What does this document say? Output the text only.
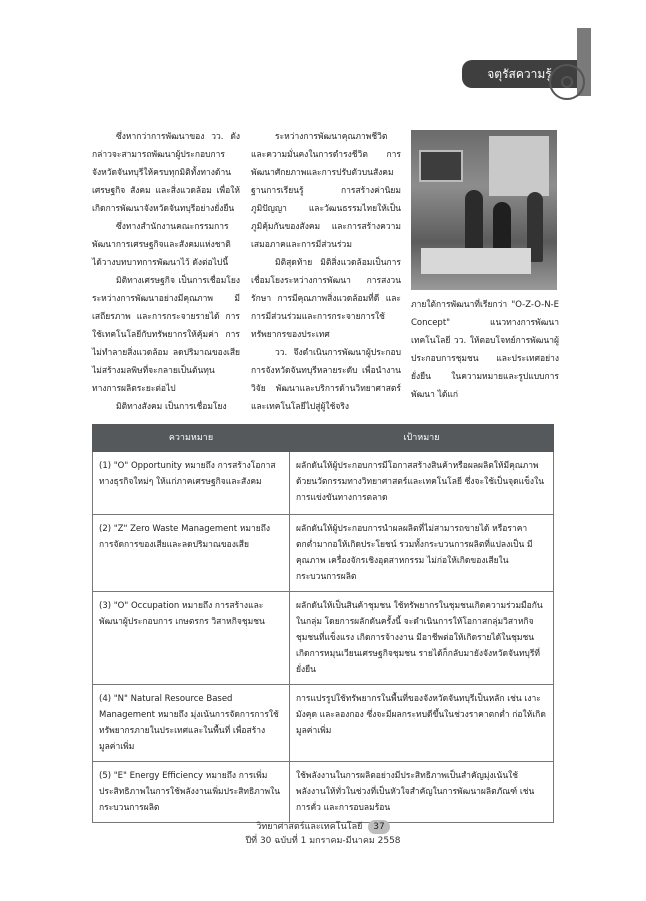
จตุรัสความรู้

ซึ่งหากว่าการพัฒนาของ วว. ดังกล่าวจะสามารถพัฒนาผู้ประกอบการจังหวัดจันทบุรีให้ครบทุกมิติทั้งทางด้านเศรษฐกิจ สังคม และสิ่งแวดล้อม เพื่อให้เกิดการพัฒนาจังหวัดจันทบุรีอย่างยั่งยืน

ซึ่งทางสำนักงานคณะกรรมการพัฒนาการเศรษฐกิจและสังคมแห่งชาติได้วางบทบาทการพัฒนาไว้ ดังต่อไปนี้

มิติทางเศรษฐกิจ เป็นการเชื่อมโยงระหว่างการพัฒนาอย่างมีคุณภาพ มีเสถียรภาพ และการกระจายรายได้ การใช้เทคโนโลยีกับทรัพยากรให้คุ้มค่า การไม่ทำลายสิ่งแวดล้อม ลดปริมาณของเสีย ไม่สร้างมลพิษที่จะกลายเป็นต้นทุนทางการผลิตระยะต่อไป

มิติทางสังคม เป็นการเชื่อมโยง

ระหว่างการพัฒนาคุณภาพชีวิตและความมั่นคงในการดำรงชีวิต การพัฒนาศักยภาพและการปรับตัวบนสังคมฐานการเรียนรู้ การสร้างค่านิยม ภูมิปัญญา และวัฒนธรรมไทยให้เป็นภูมิคุ้มกันของสังคม และการสร้างความเสมอภาคและการมีส่วนร่วม

มิติสุดท้าย มิติสิ่งแวดล้อมเป็นการเชื่อมโยงระหว่างการพัฒนา การสงวนรักษา การมีคุณภาพสิ่งแวดล้อมที่ดี และการมีส่วนร่วมและการกระจายการใช้ทรัพยากรของประเทศ

วว. จึงดำเนินการพัฒนาผู้ประกอบการจังหวัดจันทบุรีหลายระดับ เพื่อนำงานวิจัย พัฒนาและบริการด้านวิทยาศาสตร์และเทคโนโลยีไปสู่ผู้ใช้จริง

ภายใต้การพัฒนาที่เรียกว่า "O-Z-O-N-E Concept" แนวทางการพัฒนาเทคโนโลยี วว. ให้ตอบโจทย์การพัฒนาผู้ประกอบการชุมชน และประเทศอย่างยั่งยืน ในความหมายและรูปแบบการพัฒนา ได้แก่
ความหมาย	เป้าหมาย
(1) "O" Opportunity หมายถึง การสร้างโอกาสทางธุรกิจใหม่ๆ ให้แก่ภาคเศรษฐกิจและสังคม	ผลักดันให้ผู้ประกอบการมีโอกาสสร้างสินค้าหรือผลผลิตให้มีคุณภาพ ด้วยนวัตกรรมทางวิทยาศาสตร์และเทคโนโลยี ซึ่งจะใช้เป็นจุดแข็งในการแข่งขันทางการตลาด
(2) "Z" Zero Waste Management หมายถึง การจัดการของเสียและลดปริมาณของเสีย	ผลักดันให้ผู้ประกอบการนำผลผลิตที่ไม่สามารถขายได้ หรือราคาตกต่ำมากอให้เกิดประโยชน์ รวมทั้งกระบวนการผลิตที่แปลงเป็น มีคุณภาพ เครื่องจักรเชิงอุตสาหกรรม ไม่ก่อให้เกิดของเสียในกระบวนการผลิต
(3) "O" Occupation หมายถึง การสร้างและพัฒนาผู้ประกอบการ เกษตรกร วิสาหกิจชุมชน	ผลักดันให้เป็นสินค้าชุมชน ใช้ทรัพยากรในชุมชนเกิดความร่วมมือกันในกลุ่ม โดยการผลักดันครั้งนี้ จะดำเนินการให้โอกาสกลุ่มวิสาหกิจชุมชนที่แข็งแรง เกิดการจ้างงาน มีอาชีพต่อให้เกิดรายได้ในชุมชน เกิดการหมุนเวียนเศรษฐกิจชุมชน รายได้ก็กลับมายังจังหวัดจันทบุรีที่ยั่งยืน
(4) "N" Natural Resource Based Management หมายถึง มุ่งเน้นการจัดการการใช้ทรัพยากรภายในประเทศและในพื้นที่ เพื่อสร้างมูลค่าเพิ่ม	การแปรรูปใช้ทรัพยากรในพื้นที่ของจังหวัดจันทบุรีเป็นหลัก เช่น เงาะ มังคุด และลองกอง ซึ่งจะมีผลกระทบดีขึ้นในช่วงราคาตกต่ำ ก่อให้เกิดมูลค่าเพิ่ม
(5) "E" Energy Efficiency หมายถึง การเพิ่มประสิทธิภาพในการใช้พลังงานเพิ่มประสิทธิภาพในกระบวนการผลิต	ใช้พลังงานในการผลิตอย่างมีประสิทธิภาพเป็นสำคัญมุ่งเน้นใช้พลังงานให้ทั่วในช่วงที่เป็นหัวใจสำคัญในการพัฒนาผลิตภัณฑ์ เช่น การคั่ว และการอบลมร้อน
วิทยาศาสตร์และเทคโนโลยี 37
ปีที่ 30 ฉบับที่ 1 มกราคม-มีนาคม 2558
